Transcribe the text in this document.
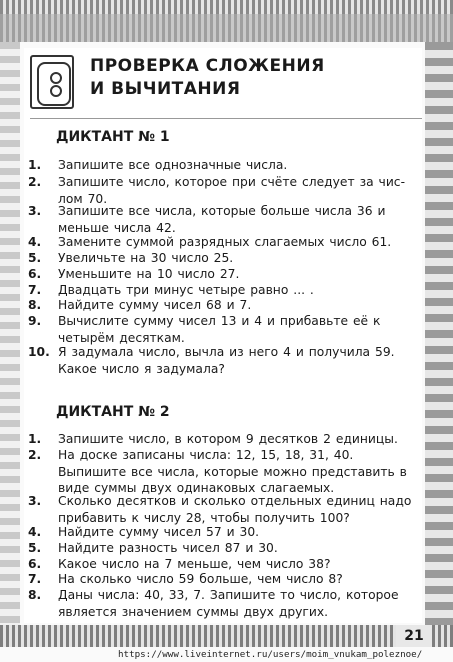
ПРОВЕРКА СЛОЖЕНИЯ
И ВЫЧИТАНИЯ
ДИКТАНТ № 1
1.	Запишите все однозначные числа.
2.	Запишите число, которое при счёте следует за чис-лом 70.
3.	Запишите все числа, которые больше числа 36 и меньше числа 42.
4.	Замените суммой разрядных слагаемых число 61.
5.	Увеличьте на 30 число 25.
6.	Уменьшите на 10 число 27.
7.	Двадцать три минус четыре равно ... .
8.	Найдите сумму чисел 68 и 7.
9.	Вычислите сумму чисел 13 и 4 и прибавьте её к четырём десяткам.
10. Я задумала число, вычла из него 4 и получила 59. Какое число я задумала?
ДИКТАНТ № 2
1.	Запишите число, в котором 9 десятков 2 единицы.
2.	На доске записаны числа: 12, 15, 18, 31, 40. Выпишите все числа, которые можно представить в виде суммы двух одинаковых слагаемых.
3.	Сколько десятков и сколько отдельных единиц надо прибавить к числу 28, чтобы получить 100?
4.	Найдите сумму чисел 57 и 30.
5.	Найдите разность чисел 87 и 30.
6.	Какое число на 7 меньше, чем число 38?
7.	На сколько число 59 больше, чем число 8?
8.	Даны числа: 40, 33, 7. Запишите то число, которое является значением суммы двух других.
21
https://www.liveinternet.ru/users/moim_vnukam_poleznoe/
